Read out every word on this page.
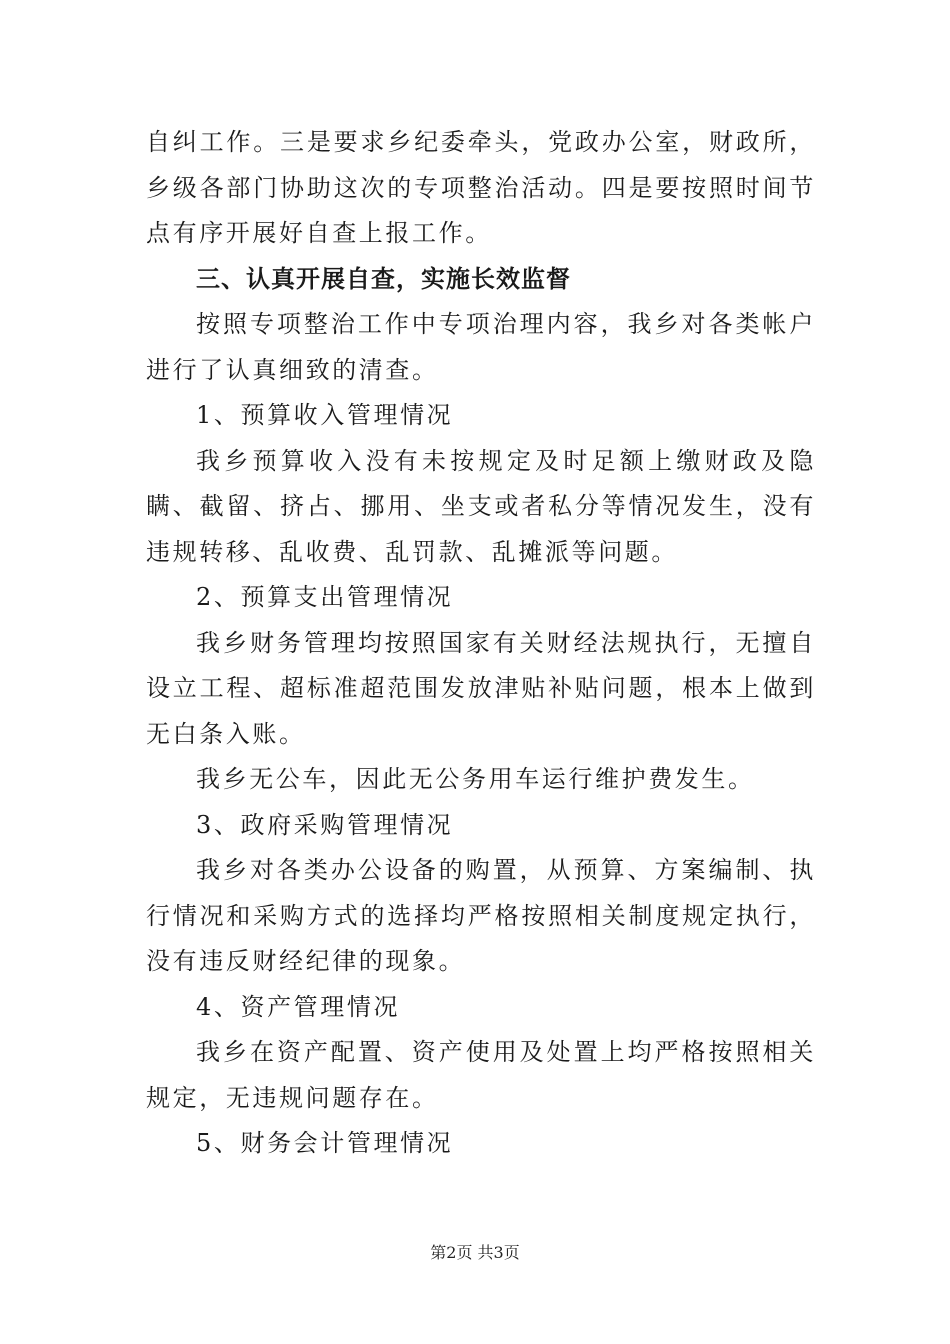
自纠工作。三是要求乡纪委牵头，党政办公室，财政所，乡级各部门协助这次的专项整治活动。四是要按照时间节点有序开展好自查上报工作。

三、认真开展自查，实施长效监督

按照专项整治工作中专项治理内容，我乡对各类帐户进行了认真细致的清查。

1、预算收入管理情况

我乡预算收入没有未按规定及时足额上缴财政及隐瞒、截留、挤占、挪用、坐支或者私分等情况发生，没有违规转移、乱收费、乱罚款、乱摊派等问题。

2、预算支出管理情况

我乡财务管理均按照国家有关财经法规执行，无擅自设立工程、超标准超范围发放津贴补贴问题，根本上做到无白条入账。

我乡无公车，因此无公务用车运行维护费发生。

3、政府采购管理情况

我乡对各类办公设备的购置，从预算、方案编制、执行情况和采购方式的选择均严格按照相关制度规定执行，没有违反财经纪律的现象。

4、资产管理情况

我乡在资产配置、资产使用及处置上均严格按照相关规定，无违规问题存在。

5、财务会计管理情况

第2页 共3页
